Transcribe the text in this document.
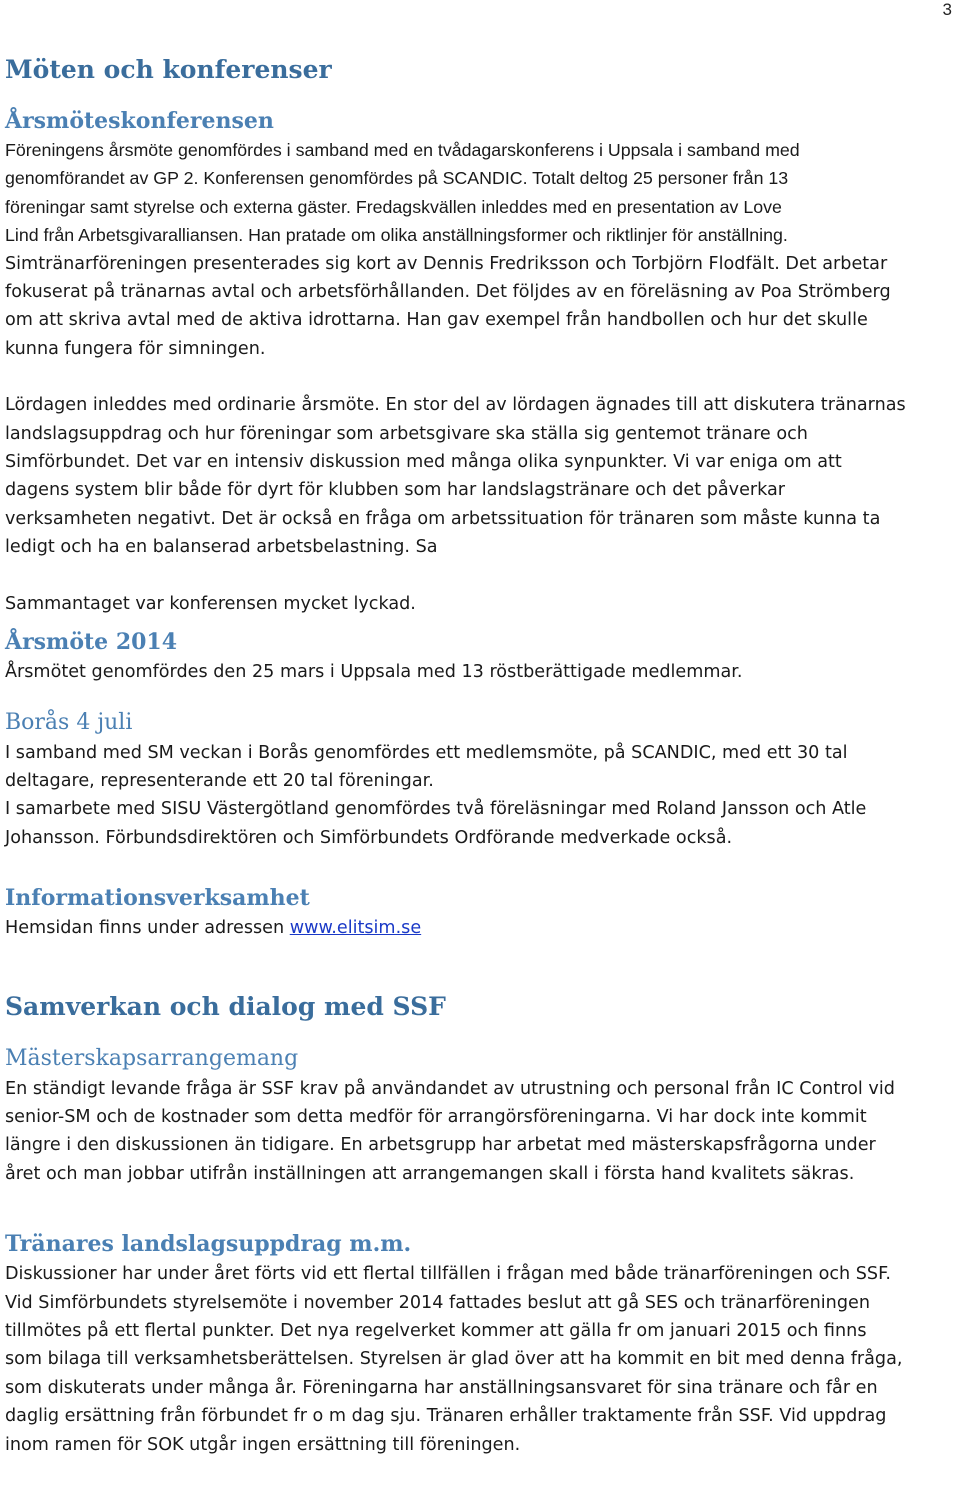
3
Möten och konferenser
Årsmöteskonferensen

Föreningens årsmöte genomfördes i samband med en tvådagarskonferens i Uppsala i samband med

genomförandet av GP 2. Konferensen genomfördes på SCANDIC. Totalt deltog 25 personer från 13

föreningar samt styrelse och externa gäster. Fredagskvällen inleddes med en presentation av Love

Lind från Arbetsgivaralliansen. Han pratade om olika anställningsformer och riktlinjer för anställning.

Simtränarföreningen presenterades sig kort av Dennis Fredriksson och Torbjörn Flodfält. Det arbetar

fokuserat på tränarnas avtal och arbetsförhållanden. Det följdes av en föreläsning av Poa Strömberg

om att skriva avtal med de aktiva idrottarna. Han gav exempel från handbollen och hur det skulle

kunna fungera för simningen.

Lördagen inleddes med ordinarie årsmöte. En stor del av lördagen ägnades till att diskutera tränarnas

landslagsuppdrag och hur föreningar som arbetsgivare ska ställa sig gentemot tränare och

Simförbundet. Det var en intensiv diskussion med många olika synpunkter. Vi var eniga om att

dagens system blir både för dyrt för klubben som har landslagstränare och det påverkar

verksamheten negativt. Det är också en fråga om arbetssituation för tränaren som måste kunna ta

ledigt och ha en balanserad arbetsbelastning. Sa

Sammantaget var konferensen mycket lyckad.

Årsmöte 2014

Årsmötet genomfördes den 25 mars i Uppsala med 13 röstberättigade medlemmar.

Borås 4 juli

I samband med SM veckan i Borås genomfördes ett medlemsmöte, på SCANDIC, med ett 30 tal

deltagare, representerande ett 20 tal föreningar.

I samarbete med SISU Västergötland genomfördes två föreläsningar med Roland Jansson och Atle

Johansson. Förbundsdirektören och Simförbundets Ordförande medverkade också.

Informationsverksamhet

Hemsidan finns under adressen www.elitsim.se

Samverkan och dialog med SSF
Mästerskapsarrangemang

En ständigt levande fråga är SSF krav på användandet av utrustning och personal från IC Control vid

senior-SM och de kostnader som detta medför för arrangörsföreningarna. Vi har dock inte kommit

längre i den diskussionen än tidigare. En arbetsgrupp har arbetat med mästerskapsfrågorna under

året och man jobbar utifrån inställningen att arrangemangen skall i första hand kvalitets säkras.

Tränares landslagsuppdrag m.m.

Diskussioner har under året förts vid ett flertal tillfällen i frågan med både tränarföreningen och SSF.

Vid Simförbundets styrelsemöte i november 2014 fattades beslut att gå SES och tränarföreningen

tillmötes på ett flertal punkter. Det nya regelverket kommer att gälla fr om januari 2015 och finns

som bilaga till verksamhetsberättelsen. Styrelsen är glad över att ha kommit en bit med denna fråga,

som diskuterats under många år. Föreningarna har anställningsansvaret för sina tränare och får en

daglig ersättning från förbundet fr o m dag sju. Tränaren erhåller traktamente från SSF. Vid uppdrag

inom ramen för SOK utgår ingen ersättning till föreningen.
